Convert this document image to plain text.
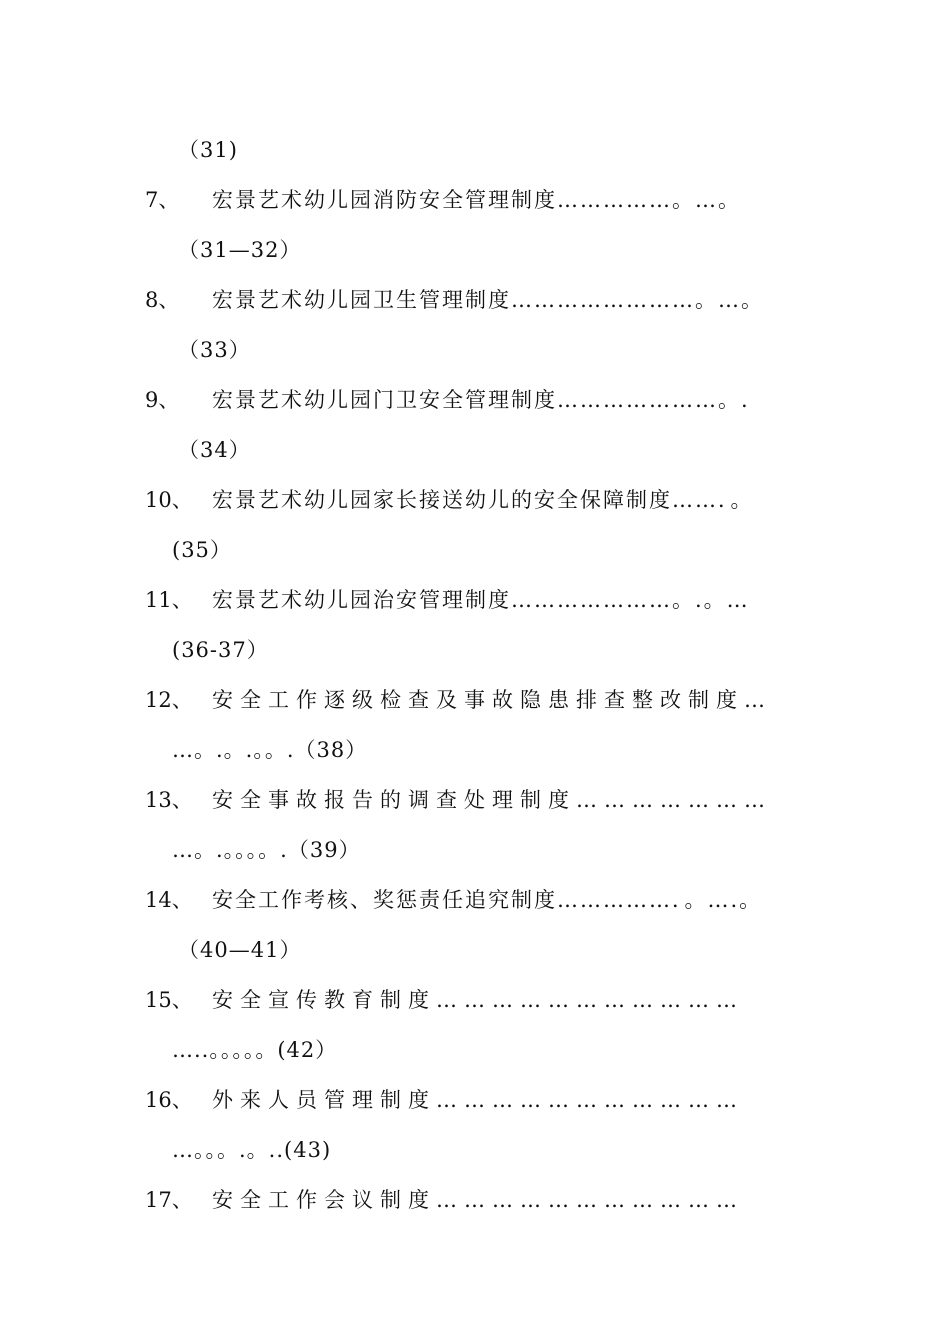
（31)
7、 宏景艺术幼儿园消防安全管理制度……………。…。
（31—32）
8、 宏景艺术幼儿园卫生管理制度……………………。…。
（33）
9、 宏景艺术幼儿园门卫安全管理制度…………………。.
（34）
10、 宏景艺术幼儿园家长接送幼儿的安全保障制度……．。
(35）
11、 宏景艺术幼儿园治安管理制度…………………。.。…
(36-37）
12、 安全工作逐级检查及事故隐患排查整改制度…
…。.。.。。.（38）
13、 安全事故报告的调查处理制度…………………
…。.。。。。.（39）
14、 安全工作考核、奖惩责任追究制度……………．。….。
（40—41）
15、 安全宣传教育制度……………………………
…..。。。。。(42）
16、 外来人员管理制度……………………………
…。。。.。..(43)
17、 安全工作会议制度……………………………
